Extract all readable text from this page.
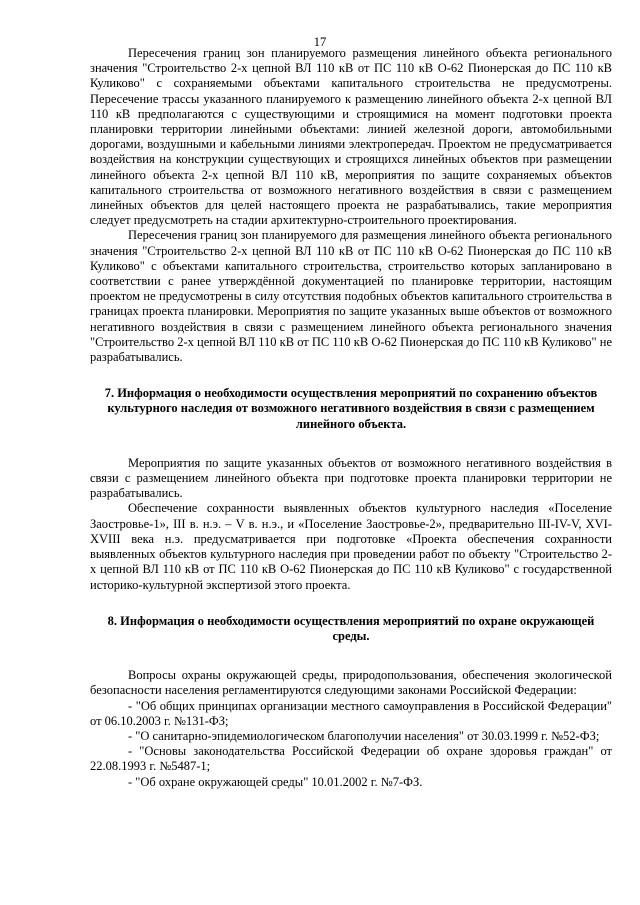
17

Пересечения границ зон планируемого размещения линейного объекта регионального значения "Строительство 2-х цепной ВЛ 110 кВ от ПС 110 кВ О-62 Пионерская до ПС 110 кВ Куликово" с сохраняемыми объектами капитального строительства не предусмотрены. Пересечение трассы указанного планируемого к размещению линейного объекта 2-х цепной ВЛ 110 кВ предполагаются с существующими и строящимися на момент подготовки проекта планировки территории линейными объектами: линией железной дороги, автомобильными дорогами, воздушными и кабельными линиями электропередач. Проектом не предусматривается воздействия на конструкции существующих и строящихся линейных объектов при размещении линейного объекта 2-х цепной ВЛ 110 кВ, мероприятия по защите сохраняемых объектов капитального строительства от возможного негативного воздействия в связи с размещением линейных объектов для целей настоящего проекта не разрабатывались, такие мероприятия следует предусмотреть на стадии архитектурно-строительного проектирования.

Пересечения границ зон планируемого для размещения линейного объекта регионального значения "Строительство 2-х цепной ВЛ 110 кВ от ПС 110 кВ О-62 Пионерская до ПС 110 кВ Куликово" с объектами капитального строительства, строительство которых запланировано в соответствии с ранее утверждённой документацией по планировке территории, настоящим проектом не предусмотрены в силу отсутствия подобных объектов капитального строительства в границах проекта планировки. Мероприятия по защите указанных выше объектов от возможного негативного воздействия в связи с размещением линейного объекта регионального значения "Строительство 2-х цепной ВЛ 110 кВ от ПС 110 кВ О-62 Пионерская до ПС 110 кВ Куликово" не разрабатывались.

7. Информация о необходимости осуществления мероприятий по сохранению объектов культурного наследия от возможного негативного воздействия в связи с размещением линейного объекта.

Мероприятия по защите указанных объектов от возможного негативного воздействия в связи с размещением линейного объекта при подготовке проекта планировки территории не разрабатывались.

Обеспечение сохранности выявленных объектов культурного наследия «Поселение Заостровье-1», III в. н.э. – V в. н.э., и «Поселение Заостровье-2», предварительно III-IV-V, XVI-XVIII века н.э. предусматривается при подготовке «Проекта обеспечения сохранности выявленных объектов культурного наследия при проведении работ по объекту "Строительство 2-х цепной ВЛ 110 кВ от ПС 110 кВ О-62 Пионерская до ПС 110 кВ Куликово" с государственной историко-культурной экспертизой этого проекта.

8. Информация о необходимости осуществления мероприятий по охране окружающей среды.

Вопросы охраны окружающей среды, природопользования, обеспечения экологической безопасности населения регламентируются следующими законами Российской Федерации:

- "Об общих принципах организации местного самоуправления в Российской Федерации" от 06.10.2003 г. №131-ФЗ;
- "О санитарно-эпидемиологическом благополучии населения" от 30.03.1999 г. №52-ФЗ;
- "Основы законодательства Российской Федерации об охране здоровья граждан" от 22.08.1993 г. №5487-1;
- "Об охране окружающей среды" 10.01.2002 г. №7-ФЗ.
